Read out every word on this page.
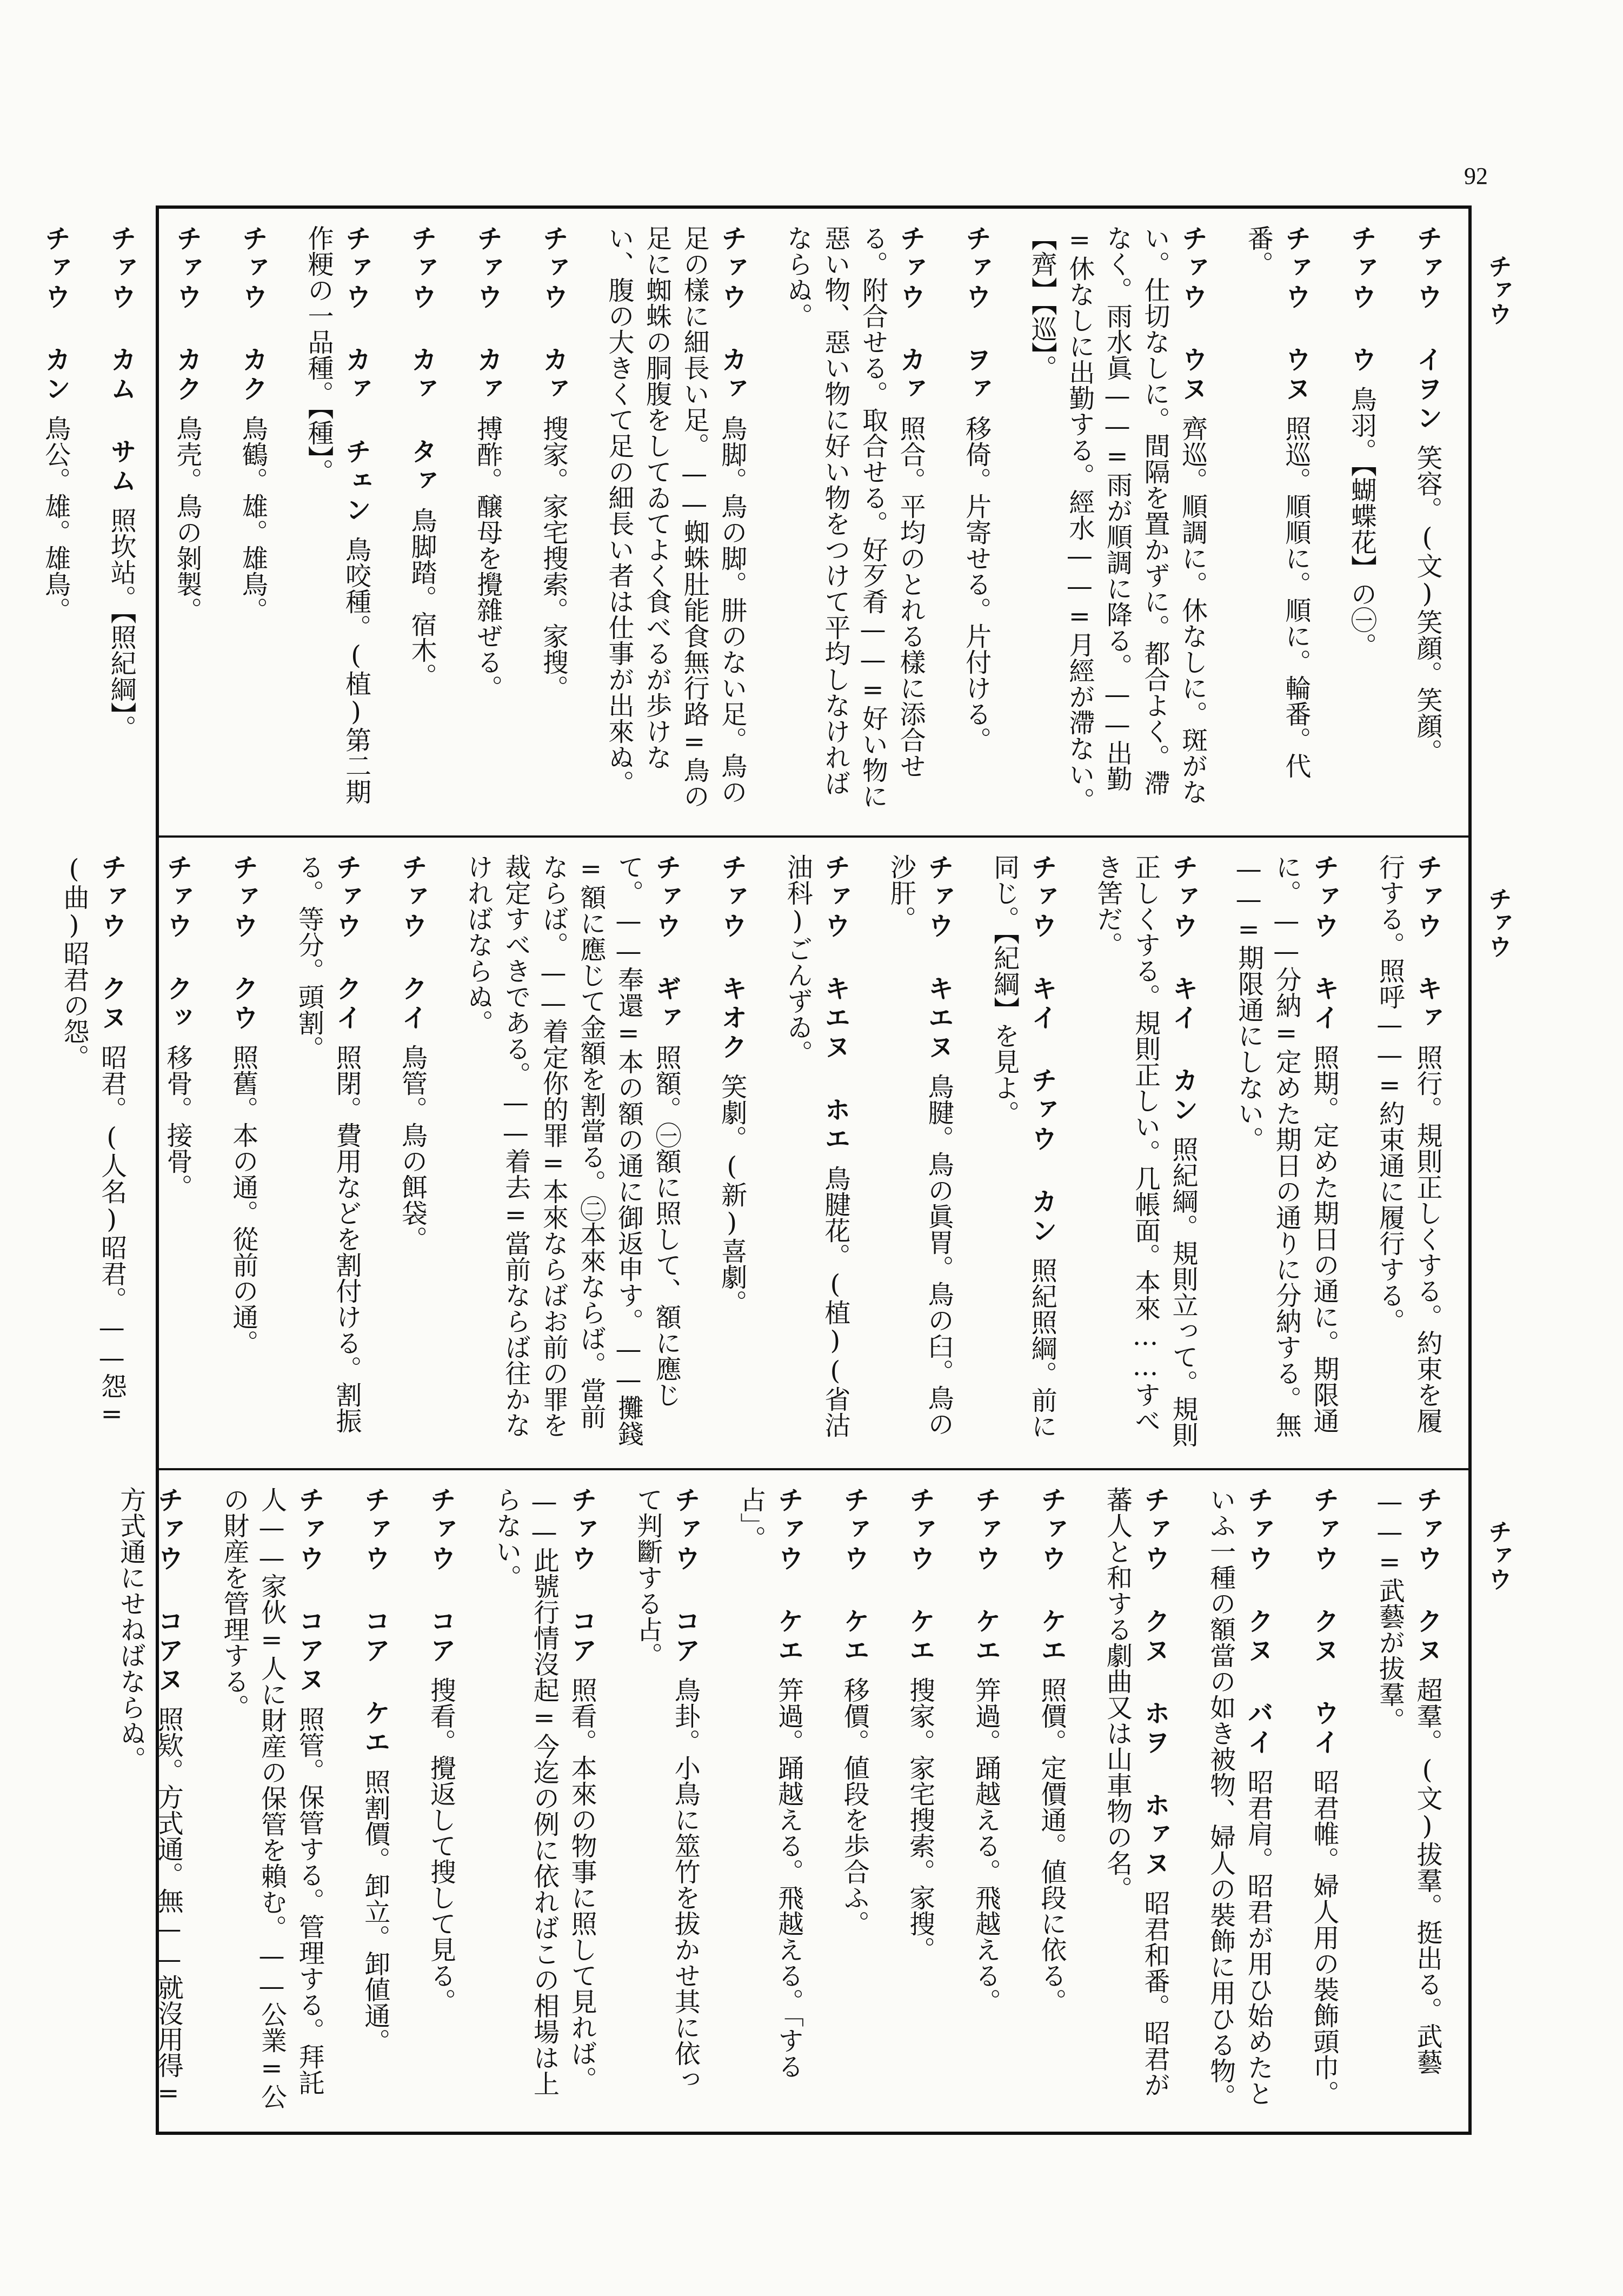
92
チァウ
チァウ
チァウ
チァウ イヲン笑容。(文)笑顔。笑顔。
チァウ ウ鳥羽。【蝴蝶花】の㊀。
チァウ ウヌ照巡。順順に。順に。輪番。代番。
チァウ ウヌ齊巡。順調に。休なしに。斑がない。仕切なしに。間隔を置かずに。都合よく。滯なく。雨水眞——=雨が順調に降る。——出勤=休なしに出勤する。經水——=月經が滯ない。【齊】【巡】。
チァウ ヲァ移倚。片寄せる。片付ける。
チァウ カァ照合。平均のとれる樣に添合せる。附合せる。取合せる。好歹肴——=好い物に惡い物、惡い物に好い物をつけて平均しなければならぬ。
チァウ カァ鳥脚。鳥の脚。肼のない足。鳥の足の樣に細長い足。——蜘蛛肚能食無行路=鳥の足に蜘蛛の胴腹をしてゐてよく食べるが歩けない、腹の大きくて足の細長い者は仕事が出來ぬ。
チァウ カァ搜家。家宅搜索。家搜。
チァウ カァ搏酢。醸母を攪雜ぜる。
チァウ カァ タァ鳥脚踏。宿木。
チァウ カァ チェン鳥咬種。(植)第二期作粳の一品種。【種】。
チァウ カク鳥鶴。雄。雄鳥。
チァウ カク鳥壳。鳥の剝製。
チァウ カム サム照坎站。【照紀綱】。
チァウ カン鳥公。雄。雄鳥。
チァウ キァ照行。規則正しくする。約束を履行する。照呼——=約束通に履行する。
チァウ キイ照期。定めた期日の通に。期限通に。——分納=定めた期日の通りに分納する。無——=期限通にしない。
チァウ キイ カン照紀綱。規則立って。規則正しくする。規則正しい。几帳面。本來……すべき筈だ。
チァウ キイ チァウ カン照紀照綱。前に同じ。【紀綱】を見よ。
チァウ キエヌ鳥腱。鳥の眞胃。鳥の臼。鳥の沙肝。
チァウ キエヌ ホエ鳥腱花。(植)(省沽油科)ごんずゐ。
チァウ キオク笑劇。(新)喜劇。
チァウ ギァ照額。㊀額に照して、額に應じて。——奉還=本の額の通に御返申す。——攤錢=額に應じて金額を割當る。㊁本來ならば。當前ならば。——着定你的罪=本來ならばお前の罪を裁定すべきである。——着去=當前ならば往かなければならぬ。
チァウ クイ鳥管。鳥の餌袋。
チァウ クイ照閉。費用などを割付ける。割振る。等分。頭割。
チァウ クウ照舊。本の通。從前の通。
チァウ クッ移骨。接骨。
チァウ クヌ昭君。(人名)昭君。——怨=(曲)昭君の怨。
チァウ クヌ超羣。(文)拔羣。挺出る。武藝——=武藝が拔羣。
チァウ クヌ ウイ昭君帷。婦人用の裝飾頭巾。
チァウ クヌ バイ昭君肩。昭君が用ひ始めたといふ一種の額當の如き被物、婦人の裝飾に用ひる物。
チァウ クヌ ホヲ ホァヌ昭君和番。昭君が蕃人と和する劇曲又は山車物の名。
チァウ ケエ照價。定價通。値段に依る。
チァウ ケエ笄過。踊越える。飛越える。
チァウ ケエ搜家。家宅搜索。家搜。
チァウ ケエ移價。値段を歩合ふ。
チァウ ケエ笄過。踊越える。飛越える。「する占」。
チァウ コア鳥卦。小鳥に筮竹を拔かせ其に依って判斷する占。
チァウ コア照看。本來の物事に照して見れば。——此號行情沒起=今迄の例に依ればこの相場は上らない。
チァウ コア搜看。攪返して搜して見る。
チァウ コア ケエ照割價。卸立。卸値通。
チァウ コアヌ照管。保管する。管理する。拜託人——家伙=人に財産の保管を賴む。——公業=公の財産を管理する。
チァウ コアヌ照欵。方式通。無——就沒用得=方式通にせねばならぬ。
